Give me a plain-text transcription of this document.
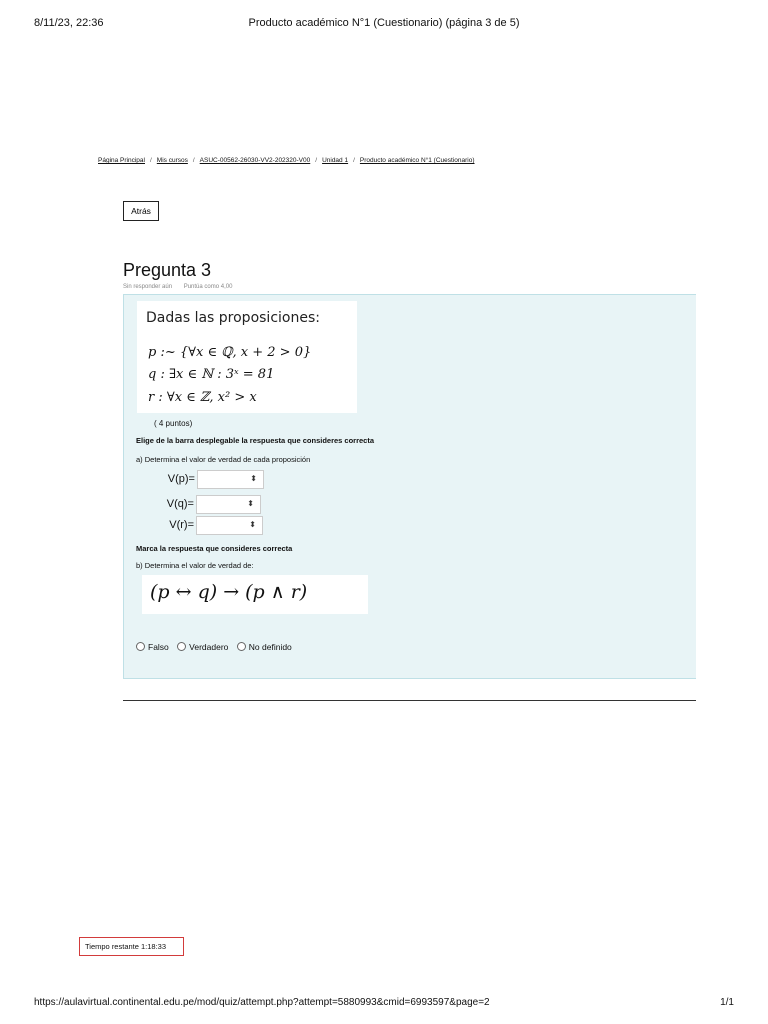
8/11/23, 22:36	Producto académico N°1 (Cuestionario) (página 3 de 5)
Página Principal / Mis cursos / ASUC-00562-26030-VV2-202320-V00 / Unidad 1 / Producto académico N°1 (Cuestionario)
Atrás
Pregunta 3
Sin responder aún Puntúa como 4,00
Dadas las proposiciones:
p :~ {∀x ∈ ℚ, x + 2 > 0}
q : ∃x ∈ ℕ : 3ˣ = 81
r : ∀x ∈ ℤ, x² > x
( 4 puntos)
Elige de la barra desplegable la respuesta que consideres correcta
a) Determina el valor de verdad de cada proposición
V(p)=	⬍
V(q)=	⬍
V(r)=	⬍
Marca la respuesta que consideres correcta
b) Determina el valor de verdad de:
(p ↔ q) → (p ∧ r)
Falso Verdadero No definido
Tiempo restante 1:18:33
https://aulavirtual.continental.edu.pe/mod/quiz/attempt.php?attempt=5880993&cmid=6993597&page=2	1/1
